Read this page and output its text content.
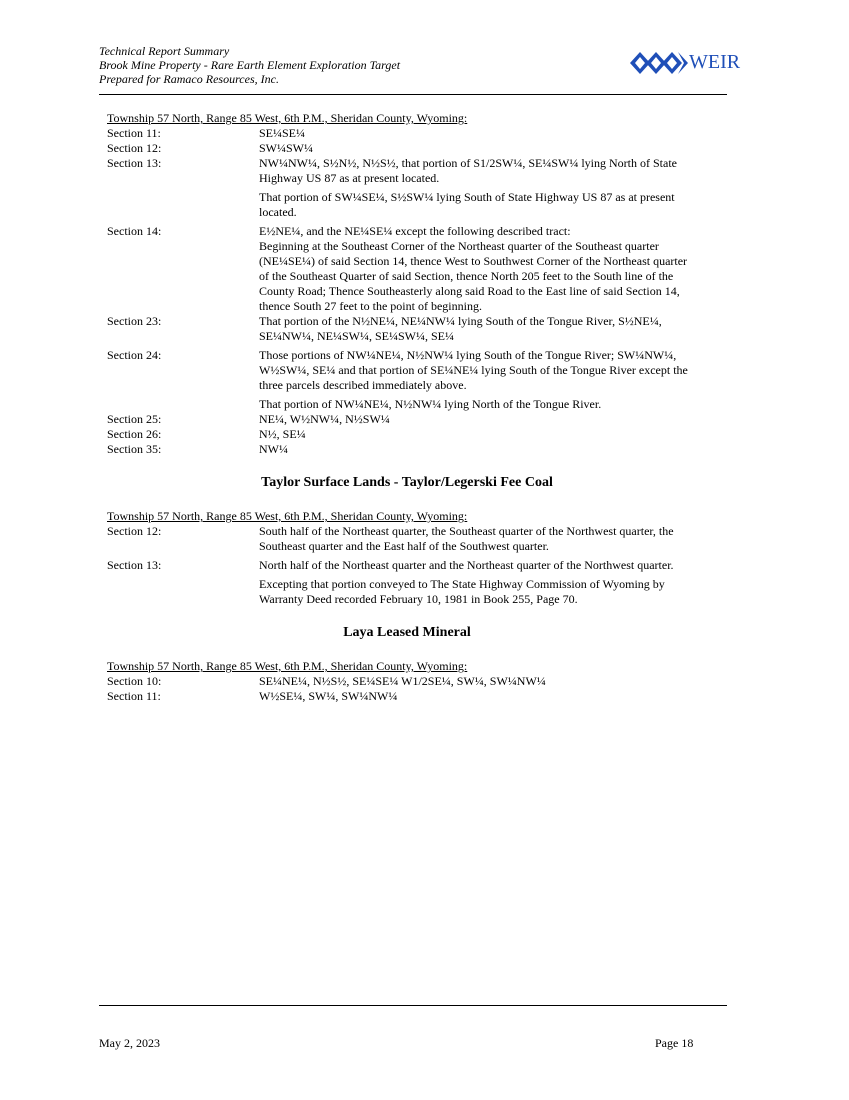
Technical Report Summary
Brook Mine Property - Rare Earth Element Exploration Target
Prepared for Ramaco Resources, Inc.
WEIR
Township 57 North, Range 85 West, 6th P.M., Sheridan County, Wyoming:
Section 11:	SE¼SE¼
Section 12:	SW¼SW¼
Section 13:	NW¼NW¼, S½N½, N½S½, that portion of S1/2SW¼, SE¼SW¼ lying North of State Highway US 87 as at present located.
That portion of SW¼SE¼, S½SW¼ lying South of State Highway US 87 as at present located.
Section 14:	E½NE¼, and the NE¼SE¼ except the following described tract:
Beginning at the Southeast Corner of the Northeast quarter of the Southeast quarter (NE¼SE¼) of said Section 14, thence West to Southwest Corner of the Northeast quarter of the Southeast Quarter of said Section, thence North 205 feet to the South line of the County Road; Thence Southeasterly along said Road to the East line of said Section 14, thence South 27 feet to the point of beginning.
Section 23:	That portion of the N½NE¼, NE¼NW¼ lying South of the Tongue River, S½NE¼, SE¼NW¼, NE¼SW¼, SE¼SW¼, SE¼
Section 24:	Those portions of NW¼NE¼, N½NW¼ lying South of the Tongue River; SW¼NW¼, W½SW¼, SE¼ and that portion of SE¼NE¼ lying South of the Tongue River except the three parcels described immediately above.
That portion of NW¼NE¼, N½NW¼ lying North of the Tongue River.
Section 25:	NE¼, W½NW¼, N½SW¼
Section 26:	N½, SE¼
Section 35:	NW¼
Taylor Surface Lands - Taylor/Legerski Fee Coal
Township 57 North, Range 85 West, 6th P.M., Sheridan County, Wyoming:
Section 12:	South half of the Northeast quarter, the Southeast quarter of the Northwest quarter, the Southeast quarter and the East half of the Southwest quarter.
Section 13:	North half of the Northeast quarter and the Northeast quarter of the Northwest quarter.
Excepting that portion conveyed to The State Highway Commission of Wyoming by Warranty Deed recorded February 10, 1981 in Book 255, Page 70.
Laya Leased Mineral
Township 57 North, Range 85 West, 6th P.M., Sheridan County, Wyoming:
Section 10:	SE¼NE¼, N½S½, SE¼SE¼ W1/2SE¼, SW¼, SW¼NW¼
Section 11:	W½SE¼, SW¼, SW¼NW¼
May 2, 2023	Page 18
